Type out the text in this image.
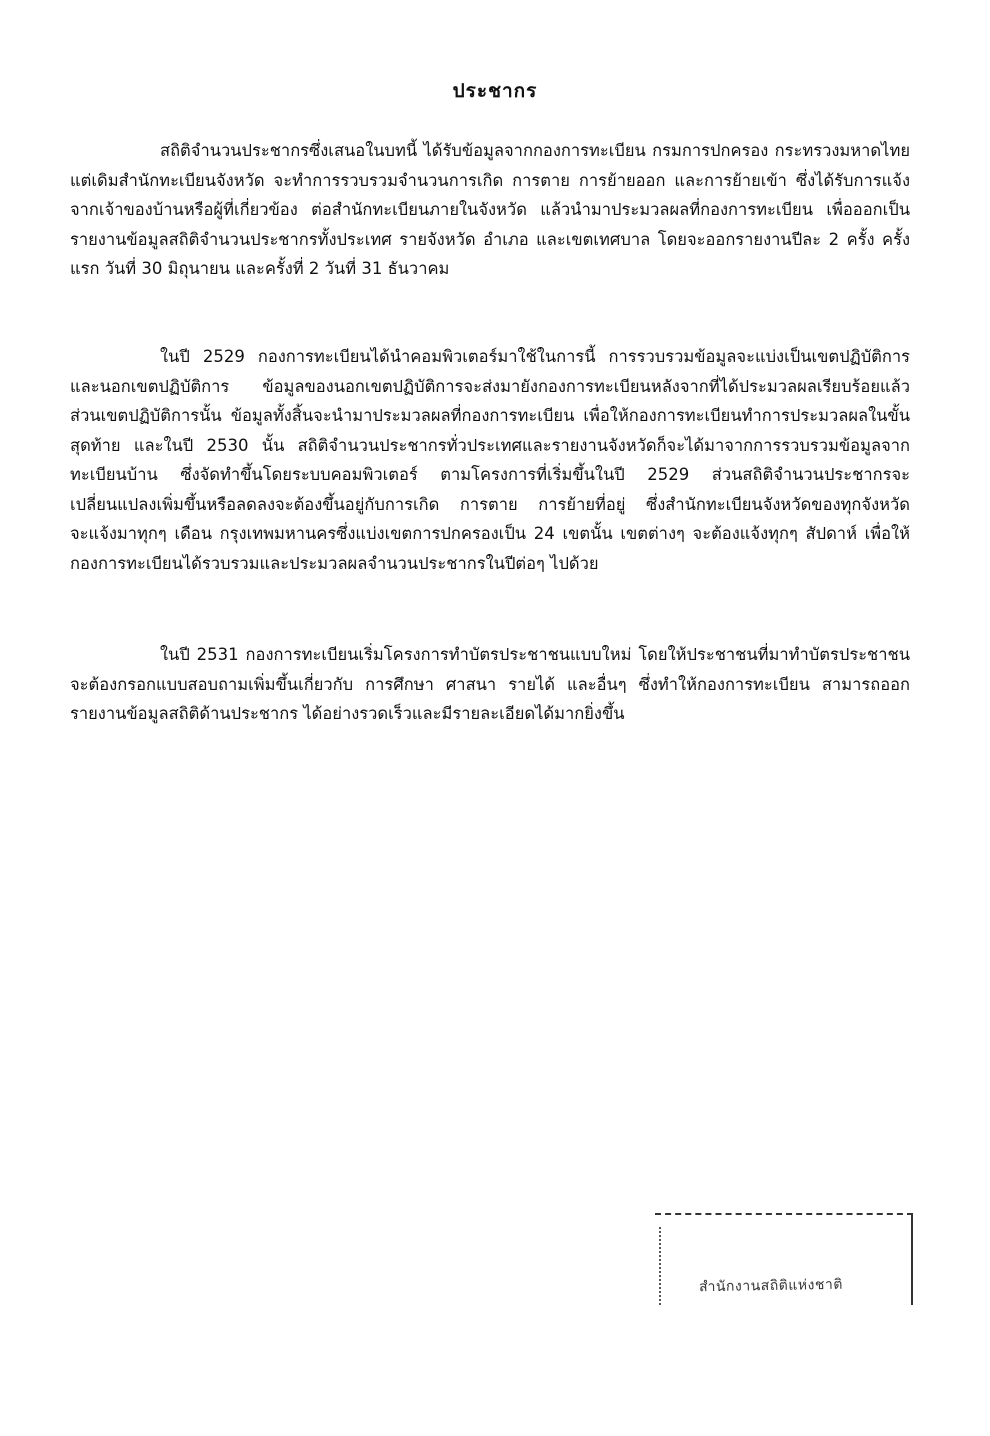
ประชากร

สถิติจำนวนประชากรซึ่งเสนอในบทนี้ ได้รับข้อมูลจากกองการทะเบียน กรมการปกครอง กระทรวงมหาดไทย แต่เดิมสำนักทะเบียนจังหวัด จะทำการรวบรวมจำนวนการเกิด การตาย การย้ายออก และการย้ายเข้า ซึ่งได้รับการแจ้งจากเจ้าของบ้านหรือผู้ที่เกี่ยวข้อง ต่อสำนักทะเบียนภายในจังหวัด แล้วนำมาประมวลผลที่กองการทะเบียน เพื่อออกเป็นรายงานข้อมูลสถิติจำนวนประชากรทั้งประเทศ รายจังหวัด อำเภอ และเขตเทศบาล โดยจะออกรายงานปีละ 2 ครั้ง ครั้งแรก วันที่ 30 มิถุนายน และครั้งที่ 2 วันที่ 31 ธันวาคม

ในปี 2529 กองการทะเบียนได้นำคอมพิวเตอร์มาใช้ในการนี้ การรวบรวมข้อมูลจะแบ่งเป็นเขตปฏิบัติการและนอกเขตปฏิบัติการ ข้อมูลของนอกเขตปฏิบัติการจะส่งมายังกองการทะเบียนหลังจากที่ได้ประมวลผลเรียบร้อยแล้ว ส่วนเขตปฏิบัติการนั้น ข้อมูลทั้งสิ้นจะนำมาประมวลผลที่กองการทะเบียน เพื่อให้กองการทะเบียนทำการประมวลผลในขั้นสุดท้าย และในปี 2530 นั้น สถิติจำนวนประชากรทั่วประเทศและรายงานจังหวัดก็จะได้มาจากการรวบรวมข้อมูลจากทะเบียนบ้าน ซึ่งจัดทำขึ้นโดยระบบคอมพิวเตอร์ ตามโครงการที่เริ่มขึ้นในปี 2529 ส่วนสถิติจำนวนประชากรจะเปลี่ยนแปลงเพิ่มขึ้นหรือลดลงจะต้องขึ้นอยู่กับการเกิด การตาย การย้ายที่อยู่ ซึ่งสำนักทะเบียนจังหวัดของทุกจังหวัด จะแจ้งมาทุกๆ เดือน กรุงเทพมหานครซึ่งแบ่งเขตการปกครองเป็น 24 เขตนั้น เขตต่างๆ จะต้องแจ้งทุกๆ สัปดาห์ เพื่อให้กองการทะเบียนได้รวบรวมและประมวลผลจำนวนประชากรในปีต่อๆ ไปด้วย

ในปี 2531 กองการทะเบียนเริ่มโครงการทำบัตรประชาชนแบบใหม่ โดยให้ประชาชนที่มาทำบัตรประชาชนจะต้องกรอกแบบสอบถามเพิ่มขึ้นเกี่ยวกับ การศึกษา ศาสนา รายได้ และอื่นๆ ซึ่งทำให้กองการทะเบียน สามารถออกรายงานข้อมูลสถิติด้านประชากร ได้อย่างรวดเร็วและมีรายละเอียดได้มากยิ่งขึ้น

สำนักงานสถิติแห่งชาติ
